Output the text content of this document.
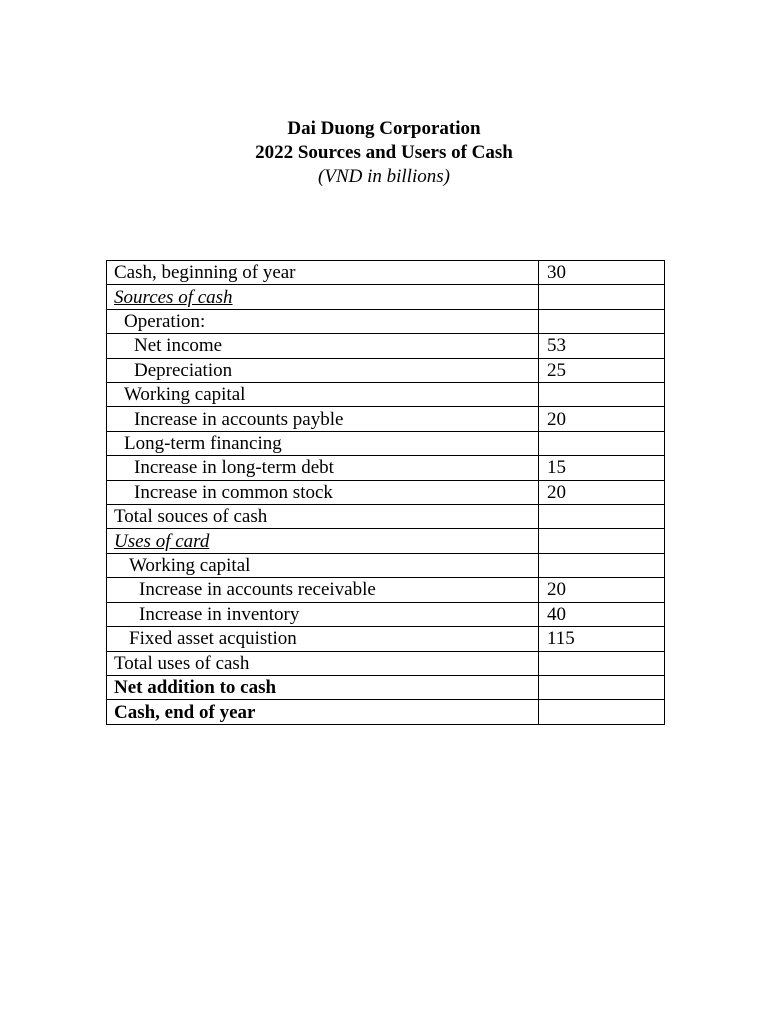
Dai Duong Corporation
2022 Sources and Users of Cash
(VND in billions)
Cash, beginning of year	30
Sources of cash	
Operation:	
Net income	53
Depreciation	25
Working capital	
Increase in accounts payble	20
Long-term financing	
Increase in long-term debt	15
Increase in common stock	20
Total souces of cash	
Uses of card	
Working capital	
Increase in accounts receivable	20
Increase in inventory	40
Fixed asset acquistion	115
Total uses of cash	
Net addition to cash	
Cash, end of year	
